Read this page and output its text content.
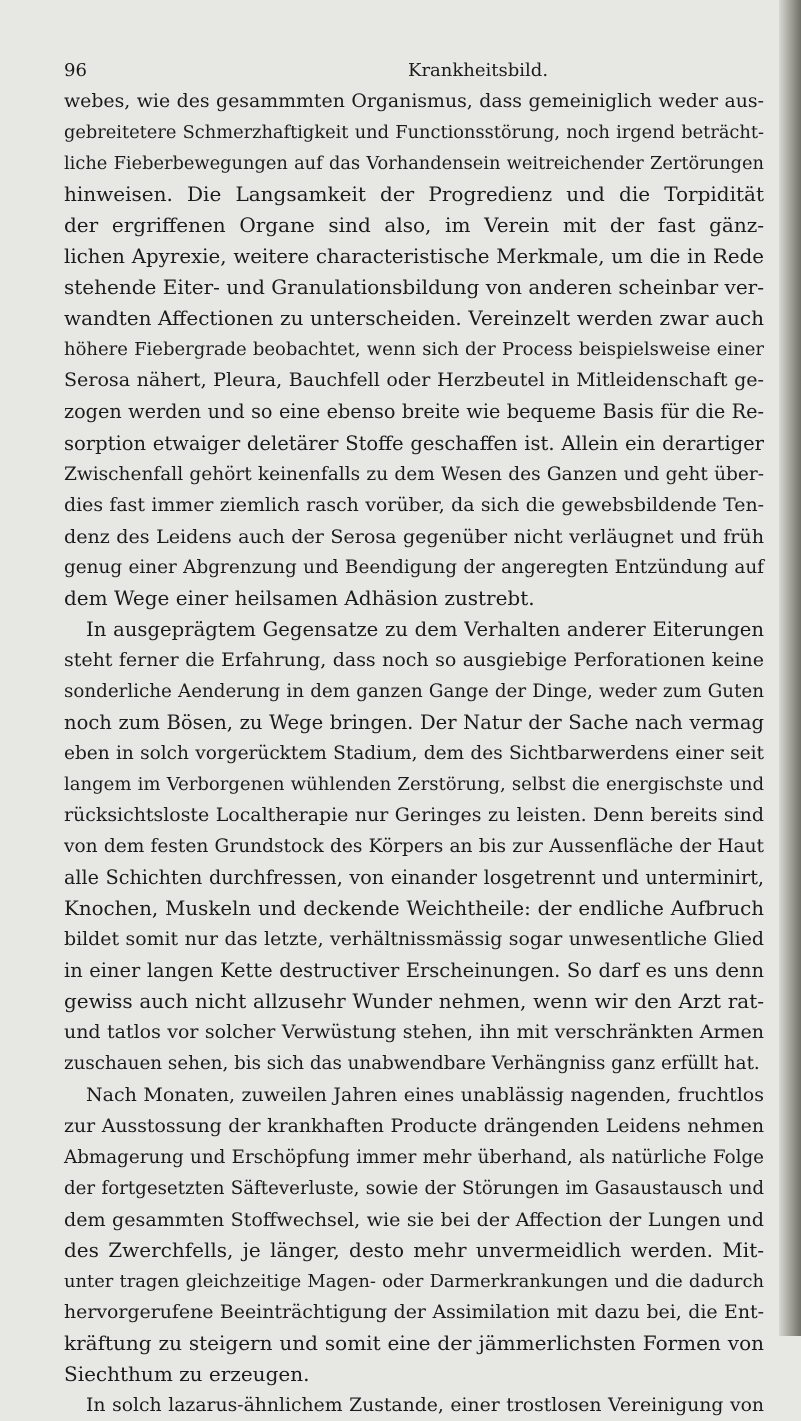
96	Krankheitsbild.
webes, wie des gesammmten Organismus, dass gemeiniglich weder aus-
gebreitetere Schmerzhaftigkeit und Functionsstörung, noch irgend beträcht-
liche Fieberbewegungen auf das Vorhandensein weitreichender Zertörungen
hinweisen. Die Langsamkeit der Progredienz und die Torpidität
der ergriffenen Organe sind also, im Verein mit der fast gänz-
lichen Apyrexie, weitere characteristische Merkmale, um die in Rede
stehende Eiter- und Granulationsbildung von anderen scheinbar ver-
wandten Affectionen zu unterscheiden. Vereinzelt werden zwar auch
höhere Fiebergrade beobachtet, wenn sich der Process beispielsweise einer
Serosa nähert, Pleura, Bauchfell oder Herzbeutel in Mitleidenschaft ge-
zogen werden und so eine ebenso breite wie bequeme Basis für die Re-
sorption etwaiger deletärer Stoffe geschaffen ist. Allein ein derartiger
Zwischenfall gehört keinenfalls zu dem Wesen des Ganzen und geht über-
dies fast immer ziemlich rasch vorüber, da sich die gewebsbildende Ten-
denz des Leidens auch der Serosa gegenüber nicht verläugnet und früh
genug einer Abgrenzung und Beendigung der angeregten Entzündung auf
dem Wege einer heilsamen Adhäsion zustrebt.
In ausgeprägtem Gegensatze zu dem Verhalten anderer Eiterungen
steht ferner die Erfahrung, dass noch so ausgiebige Perforationen keine
sonderliche Aenderung in dem ganzen Gange der Dinge, weder zum Guten
noch zum Bösen, zu Wege bringen. Der Natur der Sache nach vermag
eben in solch vorgerücktem Stadium, dem des Sichtbarwerdens einer seit
langem im Verborgenen wühlenden Zerstörung, selbst die energischste und
rücksichtsloste Localtherapie nur Geringes zu leisten. Denn bereits sind
von dem festen Grundstock des Körpers an bis zur Aussenfläche der Haut
alle Schichten durchfressen, von einander losgetrennt und unterminirt,
Knochen, Muskeln und deckende Weichtheile: der endliche Aufbruch
bildet somit nur das letzte, verhältnissmässig sogar unwesentliche Glied
in einer langen Kette destructiver Erscheinungen. So darf es uns denn
gewiss auch nicht allzusehr Wunder nehmen, wenn wir den Arzt rat-
und tatlos vor solcher Verwüstung stehen, ihn mit verschränkten Armen
zuschauen sehen, bis sich das unabwendbare Verhängniss ganz erfüllt hat.
Nach Monaten, zuweilen Jahren eines unablässig nagenden, fruchtlos
zur Ausstossung der krankhaften Producte drängenden Leidens nehmen
Abmagerung und Erschöpfung immer mehr überhand, als natürliche Folge
der fortgesetzten Säfteverluste, sowie der Störungen im Gasaustausch und
dem gesammten Stoffwechsel, wie sie bei der Affection der Lungen und
des Zwerchfells, je länger, desto mehr unvermeidlich werden. Mit-
unter tragen gleichzeitige Magen- oder Darmerkrankungen und die dadurch
hervorgerufene Beeinträchtigung der Assimilation mit dazu bei, die Ent-
kräftung zu steigern und somit eine der jämmerlichsten Formen von
Siechthum zu erzeugen.
In solch lazarus-ähnlichem Zustande, einer trostlosen Vereinigung von
